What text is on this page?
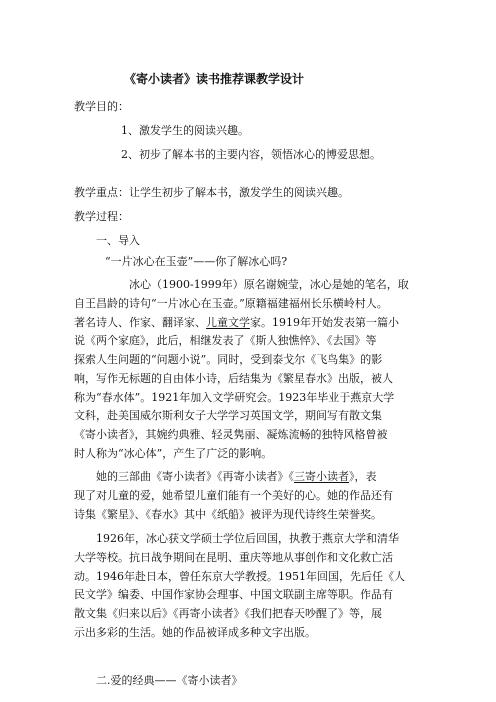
《寄小读者》读书推荐课教学设计
教学目的：
1、激发学生的阅读兴趣。
2、初步了解本书的主要内容，领悟冰心的博爱思想。
教学重点：让学生初步了解本书，激发学生的阅读兴趣。
教学过程：
一、导入
“一片冰心在玉壶”——你了解冰心吗?
冰心（1900-1999年）原名谢婉莹，冰心是她的笔名，取
自王昌龄的诗句“一片冰心在玉壶。”原籍福建福州长乐横岭村人。
著名诗人、作家、翻译家、儿童文学家。1919年开始发表第一篇小
说《两个家庭》，此后，相继发表了《斯人独憔悴》、《去国》等
探索人生问题的“问题小说”。同时，受到泰戈尔《飞鸟集》的影
响，写作无标题的自由体小诗，后结集为《繁星春水》出版，被人
称为“春水体”。1921年加入文学研究会。1923年毕业于燕京大学
文科，赴美国威尔斯利女子大学学习英国文学，期间写有散文集
《寄小读者》，其婉约典雅、轻灵隽丽、凝炼流畅的独特风格曾被
时人称为“冰心体”，产生了广泛的影响。
她的三部曲《寄小读者》《再寄小读者》《三寄小读者》，表
现了对儿童的爱，她希望儿童们能有一个美好的心。她的作品还有
诗集《繁星》、《春水》其中《纸船》被评为现代诗终生荣誉奖。
1926年，冰心获文学硕士学位后回国，执教于燕京大学和清华
大学等校。抗日战争期间在昆明、重庆等地从事创作和文化救亡活
动。1946年赴日本，曾任东京大学教授。1951年回国，先后任《人
民文学》编委、中国作家协会理事、中国文联副主席等职。作品有
散文集《归来以后》《再寄小读者》《我们把春天吵醒了》等，展
示出多彩的生活。她的作品被译成多种文字出版。
二.爱的经典——《寄小读者》
